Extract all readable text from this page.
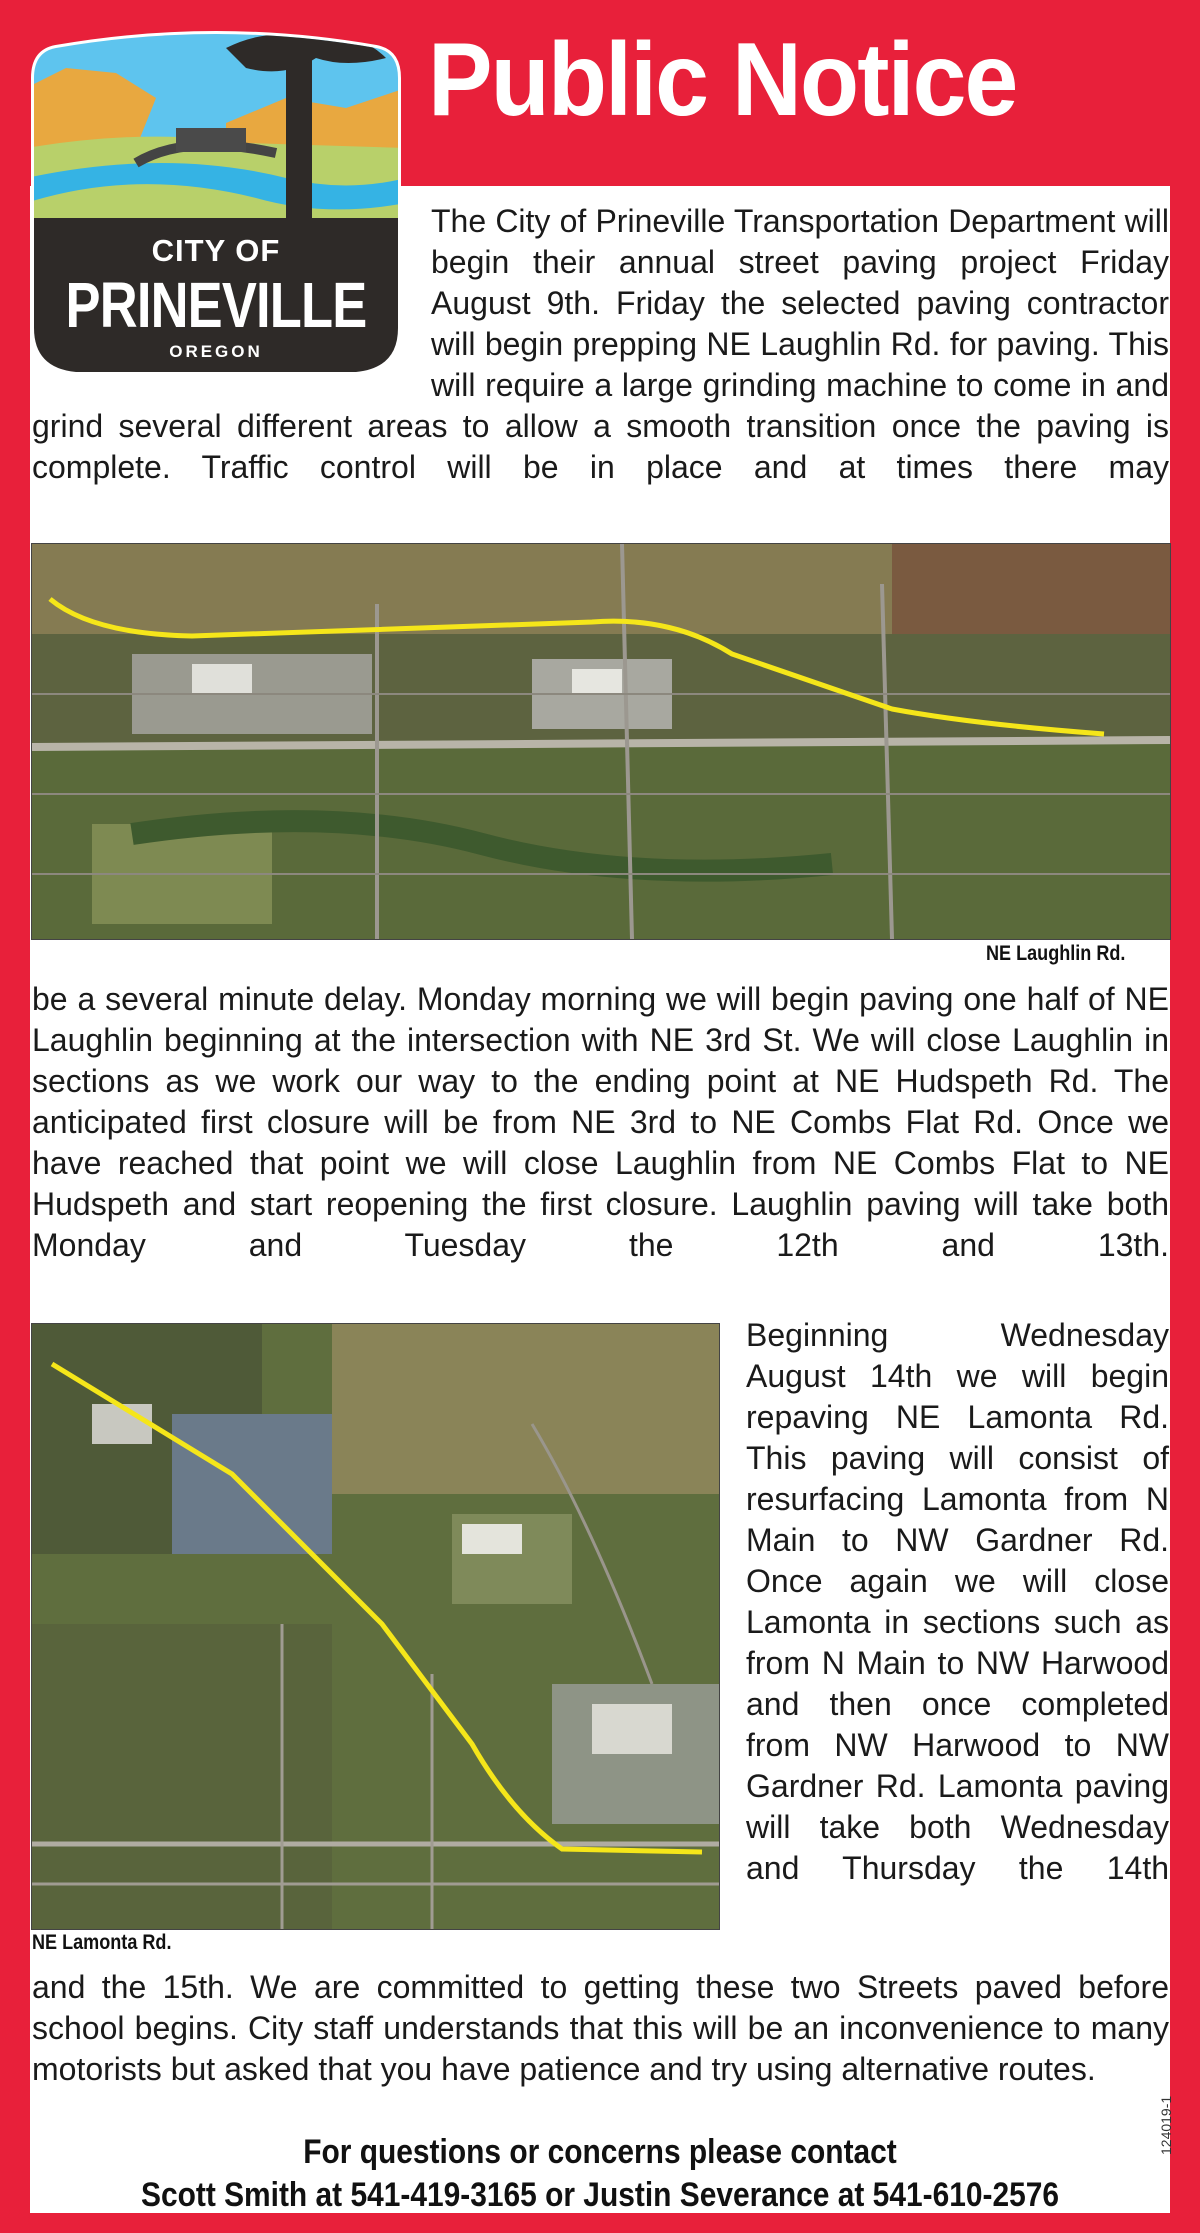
Public Notice
CITY OF
PRINEVILLE
OREGON

The City of Prineville Transportation Department will begin their annual street paving project Friday August 9th. Friday the selected paving contractor will begin prepping NE Laughlin Rd. for paving. This will require a large grinding machine to come in and grind several different areas to allow a smooth transition once the paving is complete. Traffic control will be in place and at times there may

NE Laughlin Rd.

be a several minute delay. Monday morning we will begin paving one half of NE Laughlin beginning at the intersection with NE 3rd St. We will close Laughlin in sections as we work our way to the ending point at NE Hudspeth Rd. The anticipated first closure will be from NE 3rd to NE Combs Flat Rd. Once we have reached that point we will close Laughlin from NE Combs Flat to NE Hudspeth and start reopening the first closure. Laughlin paving will take both Monday and Tuesday the 12th and 13th.

NE Lamonta Rd.

Beginning Wednesday August 14th we will begin repaving NE Lamonta Rd. This paving will consist of resurfacing Lamonta from N Main to NW Gardner Rd. Once again we will close Lamonta in sections such as from N Main to NW Harwood and then once completed from NW Harwood to NW Gardner Rd. Lamonta paving will take both Wednesday and Thursday the 14th

and the 15th. We are committed to getting these two Streets paved before school begins. City staff understands that this will be an inconvenience to many motorists but asked that you have patience and try using alternative routes.

For questions or concerns please contact

Scott Smith at 541-419-3165 or Justin Severance at 541-610-2576

124019-1
